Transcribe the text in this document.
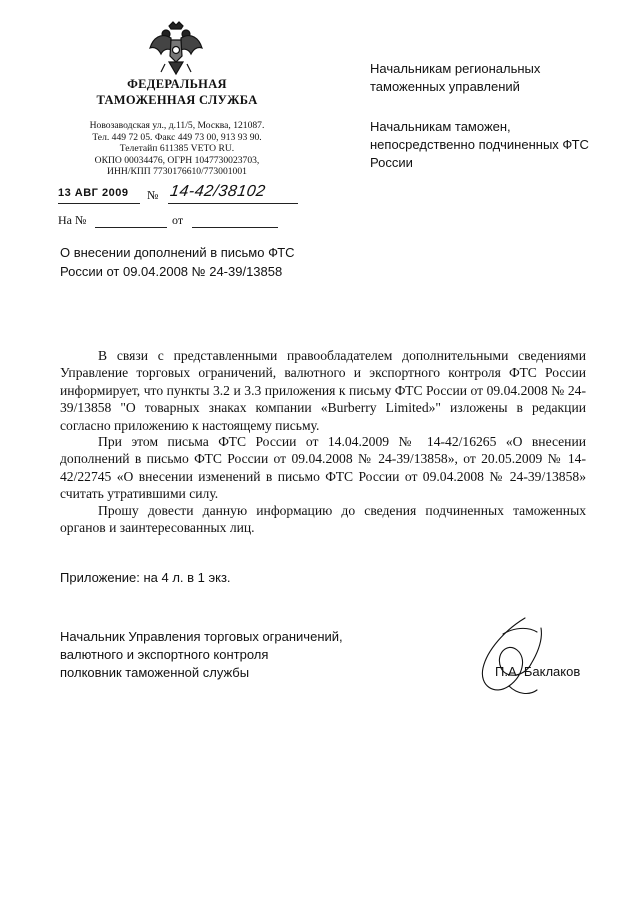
ФЕДЕРАЛЬНАЯ
ТАМОЖЕННАЯ СЛУЖБА
Новозаводская ул., д.11/5, Москва, 121087.
Тел. 449 72 05. Факс 449 73 00, 913 93 90.
Телетайп 611385 VETO RU.
ОКПО 00034476, ОГРН 1047730023703,
ИНН/КПП 7730176610/773001001
13 АВГ 2009	№ 14-42/38102
На №	от
Начальникам региональных таможенных управлений
Начальникам таможен, непосредственно подчиненных ФТС России
О внесении дополнений в письмо ФТС России от 09.04.2008 № 24-39/13858
В связи с представленными правообладателем дополнительными сведениями Управление торговых ограничений, валютного и экспортного контроля ФТС России информирует, что пункты 3.2 и 3.3 приложения к письму ФТС России от 09.04.2008 № 24-39/13858 "О товарных знаках компании «Burberry Limited»" изложены в редакции согласно приложению к настоящему письму.
При этом письма ФТС России от 14.04.2009 № 14-42/16265 «О внесении дополнений в письмо ФТС России от 09.04.2008 № 24-39/13858», от 20.05.2009 № 14-42/22745 «О внесении изменений в письмо ФТС России от 09.04.2008 № 24-39/13858» считать утратившими силу.
Прошу довести данную информацию до сведения подчиненных таможенных органов и заинтересованных лиц.
Приложение: на 4 л. в 1 экз.
Начальник Управления торговых ограничений,
валютного и экспортного контроля
полковник таможенной службы	П.А. Баклаков
